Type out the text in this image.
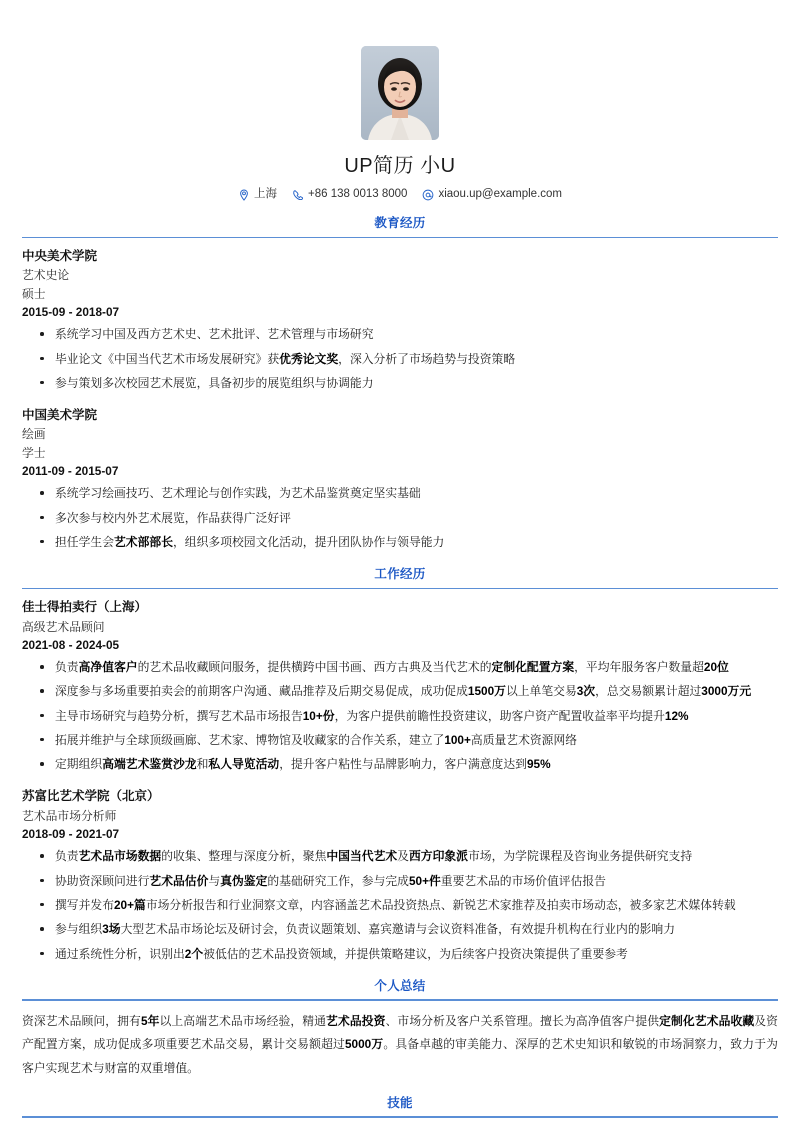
UP简历 小U
上海	+86 138 0013 8000	xiaou.up@example.com
教育经历
中央美术学院
艺术史论
硕士
2015-09 - 2018-07
系统学习中国及西方艺术史、艺术批评、艺术管理与市场研究
毕业论文《中国当代艺术市场发展研究》获优秀论文奖，深入分析了市场趋势与投资策略
参与策划多次校园艺术展览，具备初步的展览组织与协调能力
中国美术学院
绘画
学士
2011-09 - 2015-07
系统学习绘画技巧、艺术理论与创作实践，为艺术品鉴赏奠定坚实基础
多次参与校内外艺术展览，作品获得广泛好评
担任学生会艺术部部长，组织多项校园文化活动，提升团队协作与领导能力
工作经历
佳士得拍卖行（上海）
高级艺术品顾问
2021-08 - 2024-05
负责高净值客户的艺术品收藏顾问服务，提供横跨中国书画、西方古典及当代艺术的定制化配置方案，平均年服务客户数量超20位
深度参与多场重要拍卖会的前期客户沟通、藏品推荐及后期交易促成，成功促成1500万以上单笔交易3次，总交易额累计超过3000万元
主导市场研究与趋势分析，撰写艺术品市场报告10+份，为客户提供前瞻性投资建议，助客户资产配置收益率平均提升12%
拓展并维护与全球顶级画廊、艺术家、博物馆及收藏家的合作关系，建立了100+高质量艺术资源网络
定期组织高端艺术鉴赏沙龙和私人导览活动，提升客户粘性与品牌影响力，客户满意度达到95%
苏富比艺术学院（北京）
艺术品市场分析师
2018-09 - 2021-07
负责艺术品市场数据的收集、整理与深度分析，聚焦中国当代艺术及西方印象派市场，为学院课程及咨询业务提供研究支持
协助资深顾问进行艺术品估价与真伪鉴定的基础研究工作，参与完成50+件重要艺术品的市场价值评估报告
撰写并发布20+篇市场分析报告和行业洞察文章，内容涵盖艺术品投资热点、新锐艺术家推荐及拍卖市场动态，被多家艺术媒体转载
参与组织3场大型艺术品市场论坛及研讨会，负责议题策划、嘉宾邀请与会议资料准备，有效提升机构在行业内的影响力
通过系统性分析，识别出2个被低估的艺术品投资领域，并提供策略建议，为后续客户投资决策提供了重要参考
个人总结
资深艺术品顾问，拥有5年以上高端艺术品市场经验，精通艺术品投资、市场分析及客户关系管理。擅长为高净值客户提供定制化艺术品收藏及资产配置方案，成功促成多项重要艺术品交易，累计交易额超过5000万。具备卓越的审美能力、深厚的艺术史知识和敏锐的市场洞察力，致力于为客户实现艺术与财富的双重增值。
技能
